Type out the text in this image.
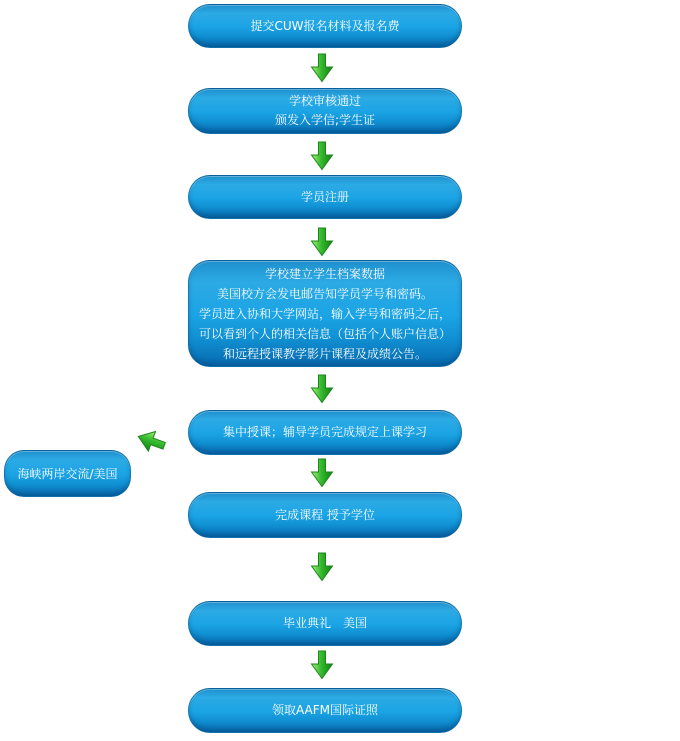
提交CUW报名材料及报名费
学校审核通过
颁发入学信;学生证
学员注册
学校建立学生档案数据
美国校方会发电邮告知学员学号和密码。
学员进入协和大学网站，输入学号和密码之后，
可以看到个人的相关信息（包括个人账户信息）
和远程授课教学影片课程及成绩公告。
集中授课；辅导学员完成规定上课学习
海峡两岸交流/美国
完成课程 授予学位
毕业典礼　美国
领取AAFM国际证照
